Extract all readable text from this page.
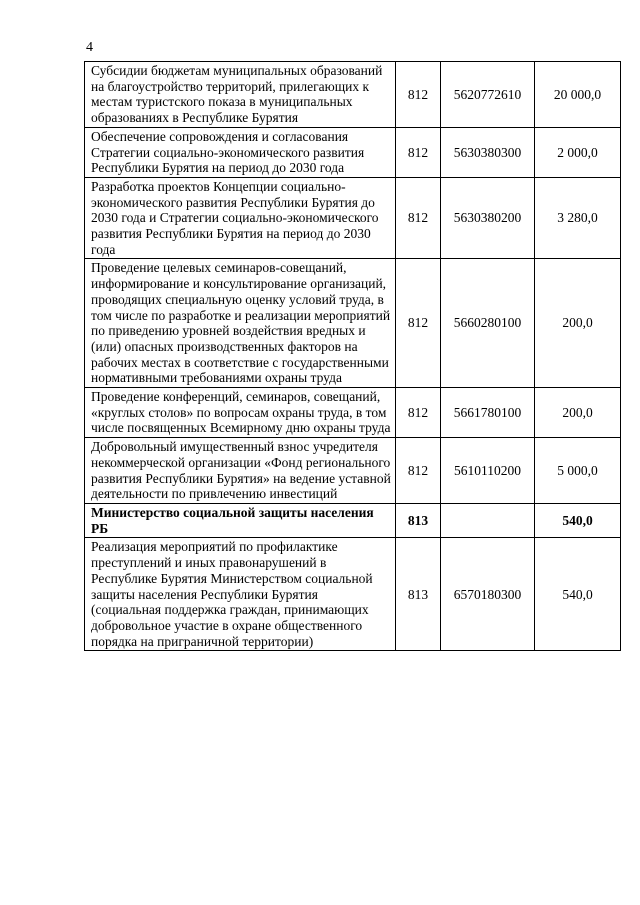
4
Субсидии бюджетам муниципальных образований на благоустройство территорий, прилегающих к местам туристского показа в муниципальных образованиях в Республике Бурятия	812	5620772610	20 000,0
Обеспечение сопровождения и согласования Стратегии социально-экономического развития Республики Бурятия на период до 2030 года	812	5630380300	2 000,0
Разработка проектов Концепции социально-экономического развития Республики Бурятия до 2030 года и Стратегии социально-экономического развития Республики Бурятия на период до 2030 года	812	5630380200	3 280,0
Проведение целевых семинаров-совещаний, информирование и консультирование организаций, проводящих специальную оценку условий труда, в том числе по разработке и реализации мероприятий по приведению уровней воздействия вредных и (или) опасных производственных факторов на рабочих местах в соответствие с государственными нормативными требованиями охраны труда	812	5660280100	200,0
Проведение конференций, семинаров, совещаний, «круглых столов» по вопросам охраны труда, в том числе посвященных Всемирному дню охраны труда	812	5661780100	200,0
Добровольный имущественный взнос учредителя некоммерческой организации «Фонд регионального развития Республики Бурятия» на ведение уставной деятельности по привлечению инвестиций	812	5610110200	5 000,0
Министерство социальной защиты населения РБ	813		540,0
Реализация мероприятий по профилактике преступлений и иных правонарушений в Республике Бурятия Министерством социальной защиты населения Республики Бурятия (социальная поддержка граждан, принимающих добровольное участие в охране общественного порядка на приграничной территории)	813	6570180300	540,0
